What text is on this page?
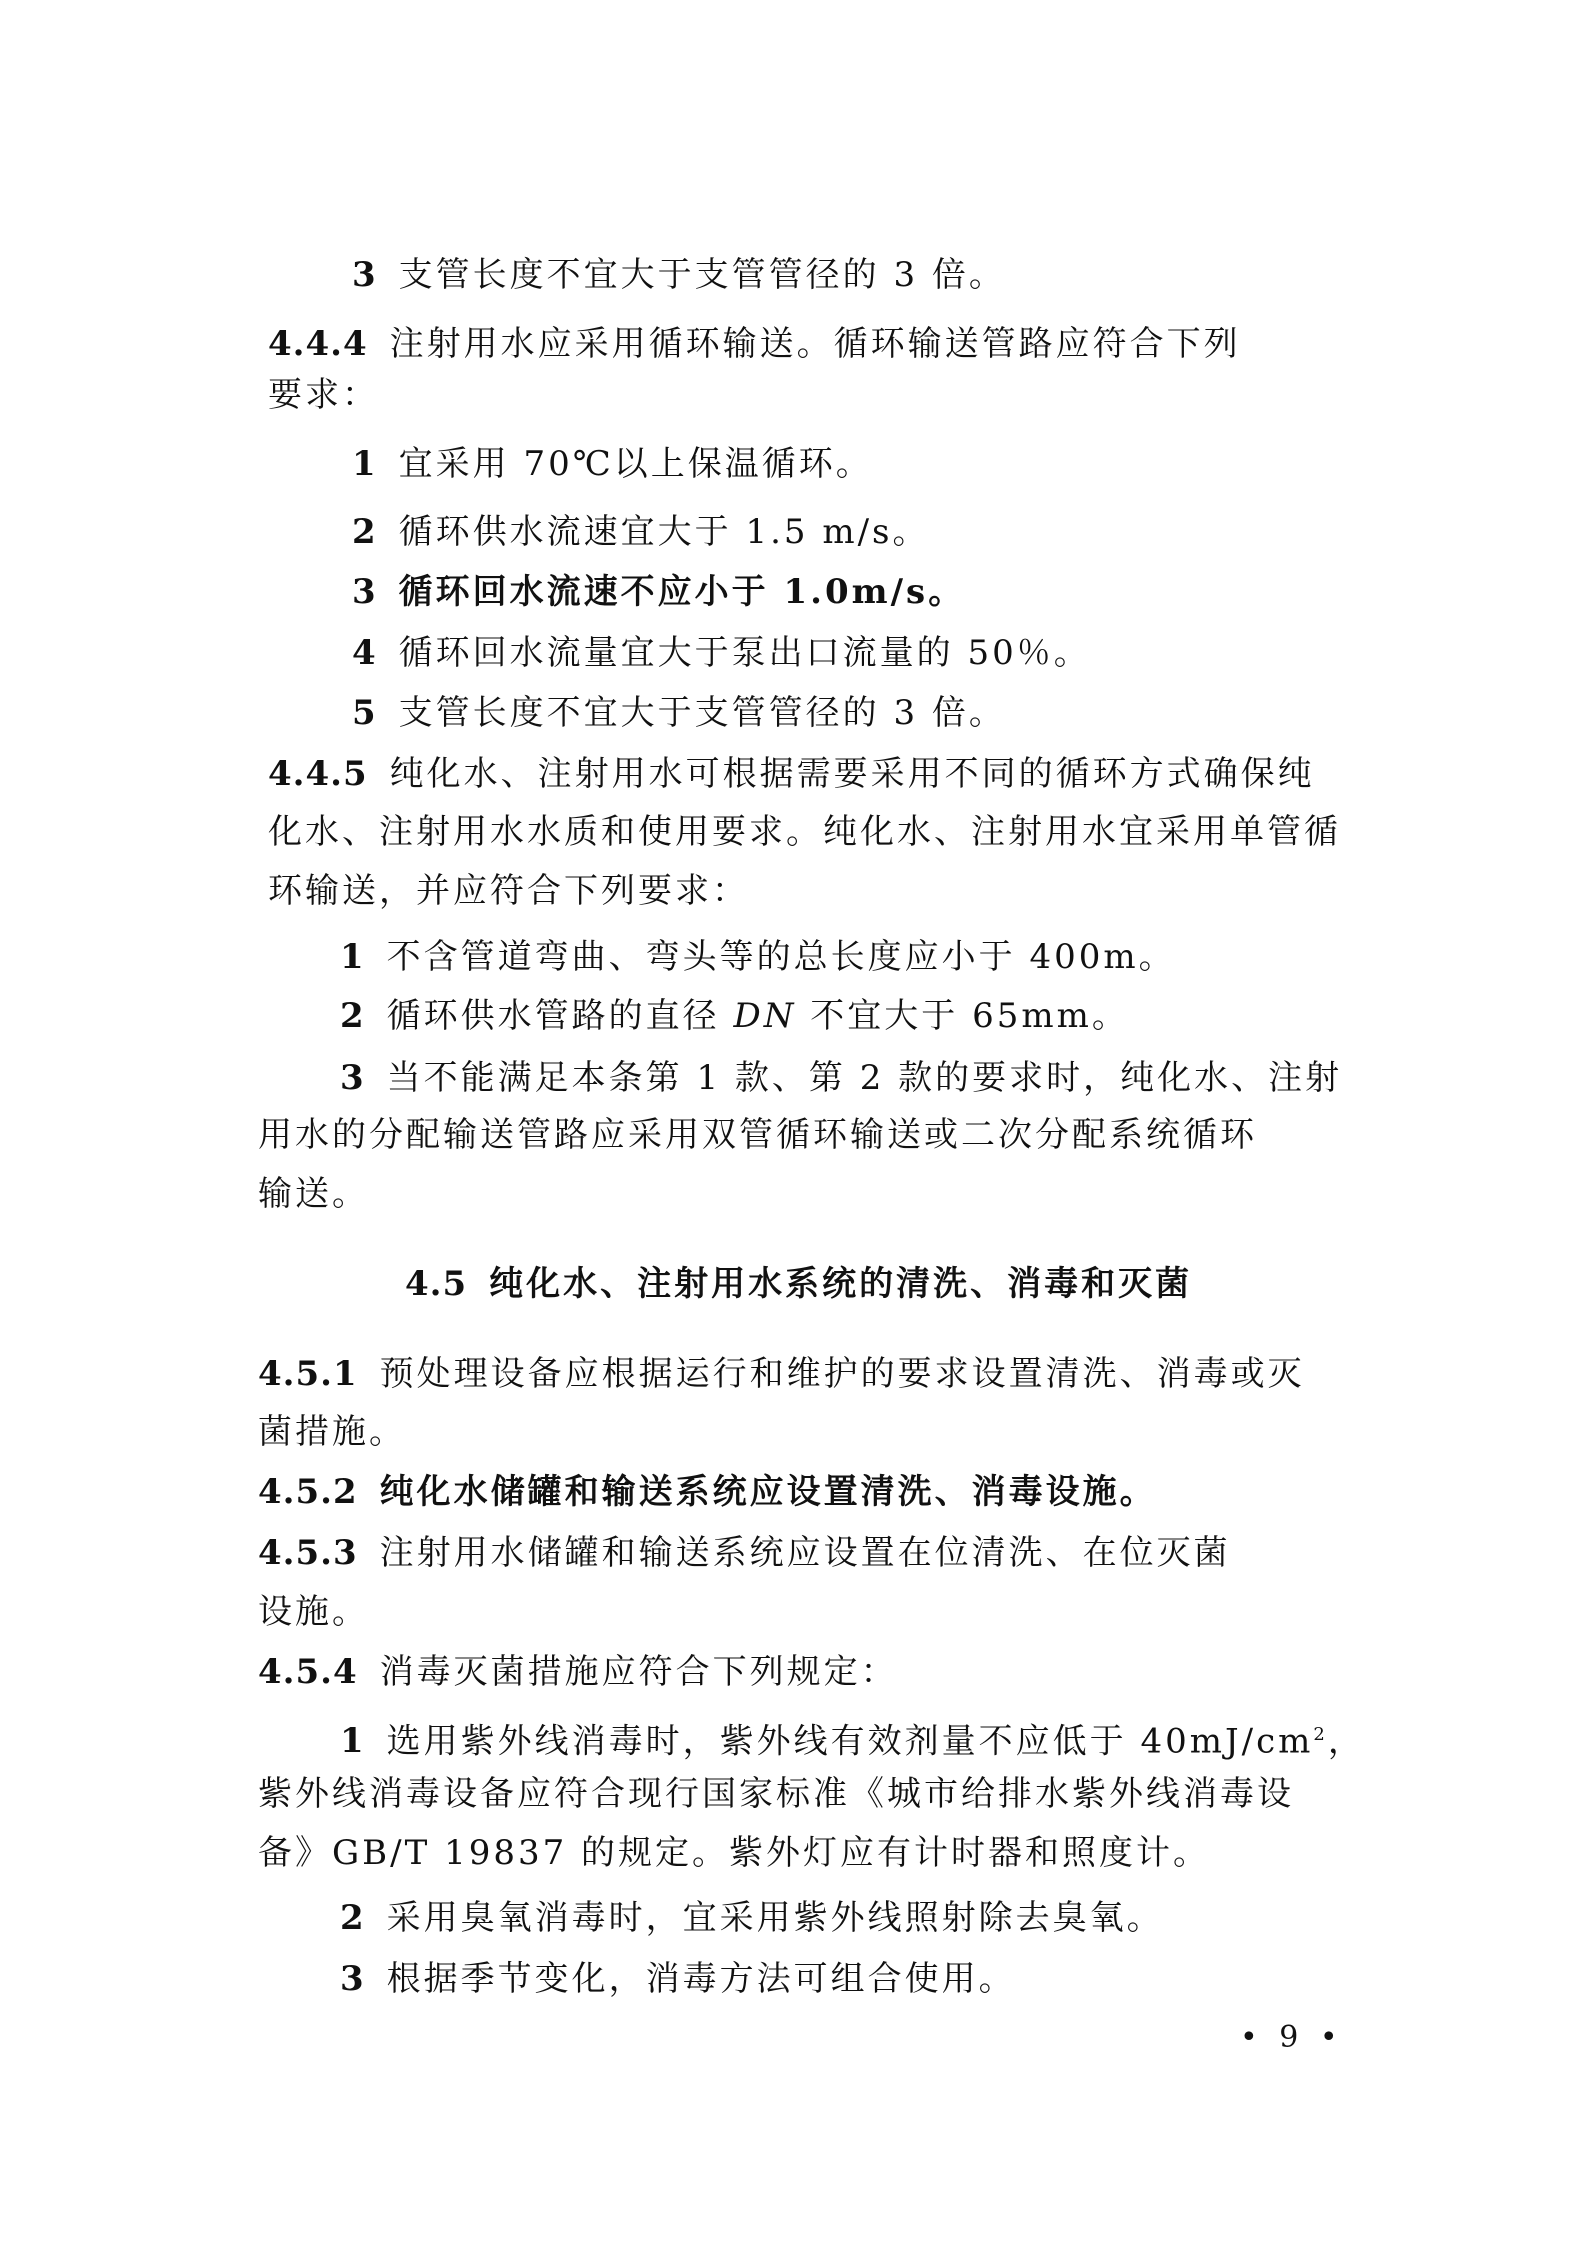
3 支管长度不宜大于支管管径的 3 倍。
4.4.4 注射用水应采用循环输送。循环输送管路应符合下列
要求：
1 宜采用 70℃以上保温循环。
2 循环供水流速宜大于 1.5 m/s。
3 循环回水流速不应小于 1.0m/s。
4 循环回水流量宜大于泵出口流量的 50％。
5 支管长度不宜大于支管管径的 3 倍。
4.4.5 纯化水、注射用水可根据需要采用不同的循环方式确保纯
化水、注射用水水质和使用要求。纯化水、注射用水宜采用单管循
环输送，并应符合下列要求：
1 不含管道弯曲、弯头等的总长度应小于 400m。
2 循环供水管路的直径 DN 不宜大于 65mm。
3 当不能满足本条第 1 款、第 2 款的要求时，纯化水、注射
用水的分配输送管路应采用双管循环输送或二次分配系统循环
输送。
4.5 纯化水、注射用水系统的清洗、消毒和灭菌
4.5.1 预处理设备应根据运行和维护的要求设置清洗、消毒或灭
菌措施。
4.5.2 纯化水储罐和输送系统应设置清洗、消毒设施。
4.5.3 注射用水储罐和输送系统应设置在位清洗、在位灭菌
设施。
4.5.4 消毒灭菌措施应符合下列规定：
1 选用紫外线消毒时，紫外线有效剂量不应低于 $40mJ/cm^2$，
紫外线消毒设备应符合现行国家标准《城市给排水紫外线消毒设
备》GB/T 19837 的规定。紫外灯应有计时器和照度计。
2 采用臭氧消毒时，宜采用紫外线照射除去臭氧。
3 根据季节变化，消毒方法可组合使用。
• 9 •
